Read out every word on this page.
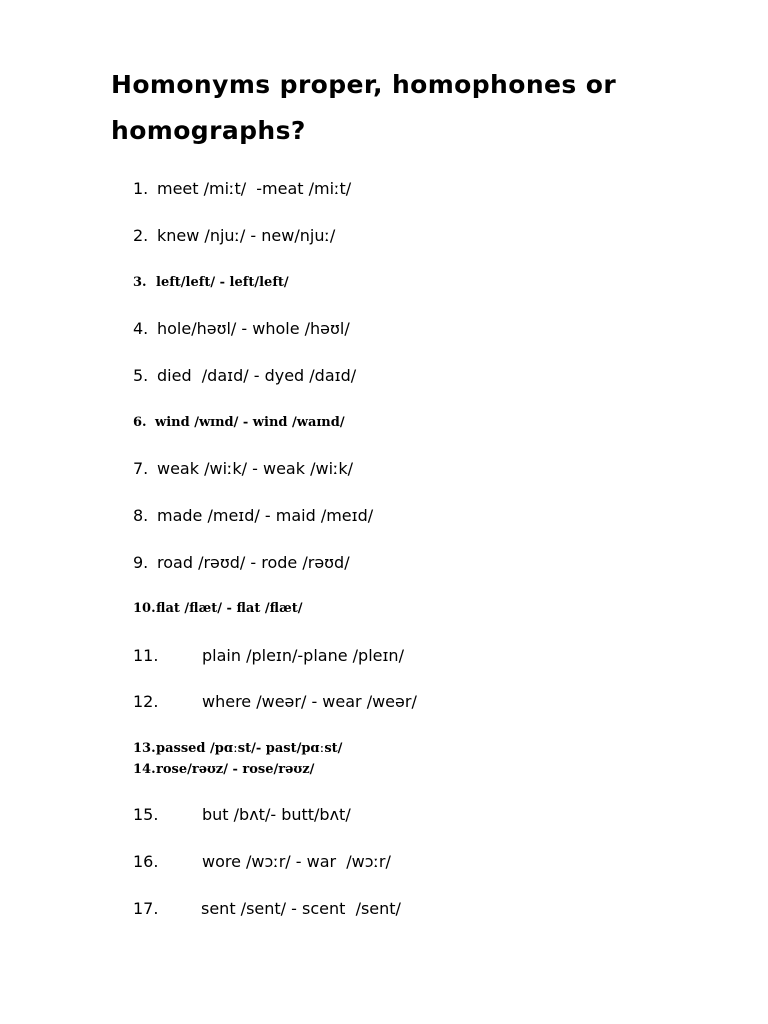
Homonyms proper, homophones or homographs?

1.

meet /miːt/  -meat /miːt/

2.

knew /njuː/ - new/njuː/

3.

left/left/ - left/left/

4.

hole/həʊl/ - whole /həʊl/

5.

died  /daɪd/ - dyed /daɪd/

6.

wind /wɪnd/ - wind /waɪnd/

7.

weak /wiːk/ - weak /wiːk/

8.

made /meɪd/ - maid /meɪd/

9.

road /rəʊd/ - rode /rəʊd/

10.

flat /flæt/ - flat /flæt/

11.

	plain /pleɪn/-plane /pleɪn/

12.

	where /weər/ - wear /weər/

13.

passed /pɑːst/- past/pɑːst/

14.

rose/rəʊz/ - rose/rəʊz/

15.

	but /bʌt/- butt/bʌt/

16.

	wore /wɔːr/ - war  /wɔːr/

17.

	sent /sent/ - scent  /sent/
